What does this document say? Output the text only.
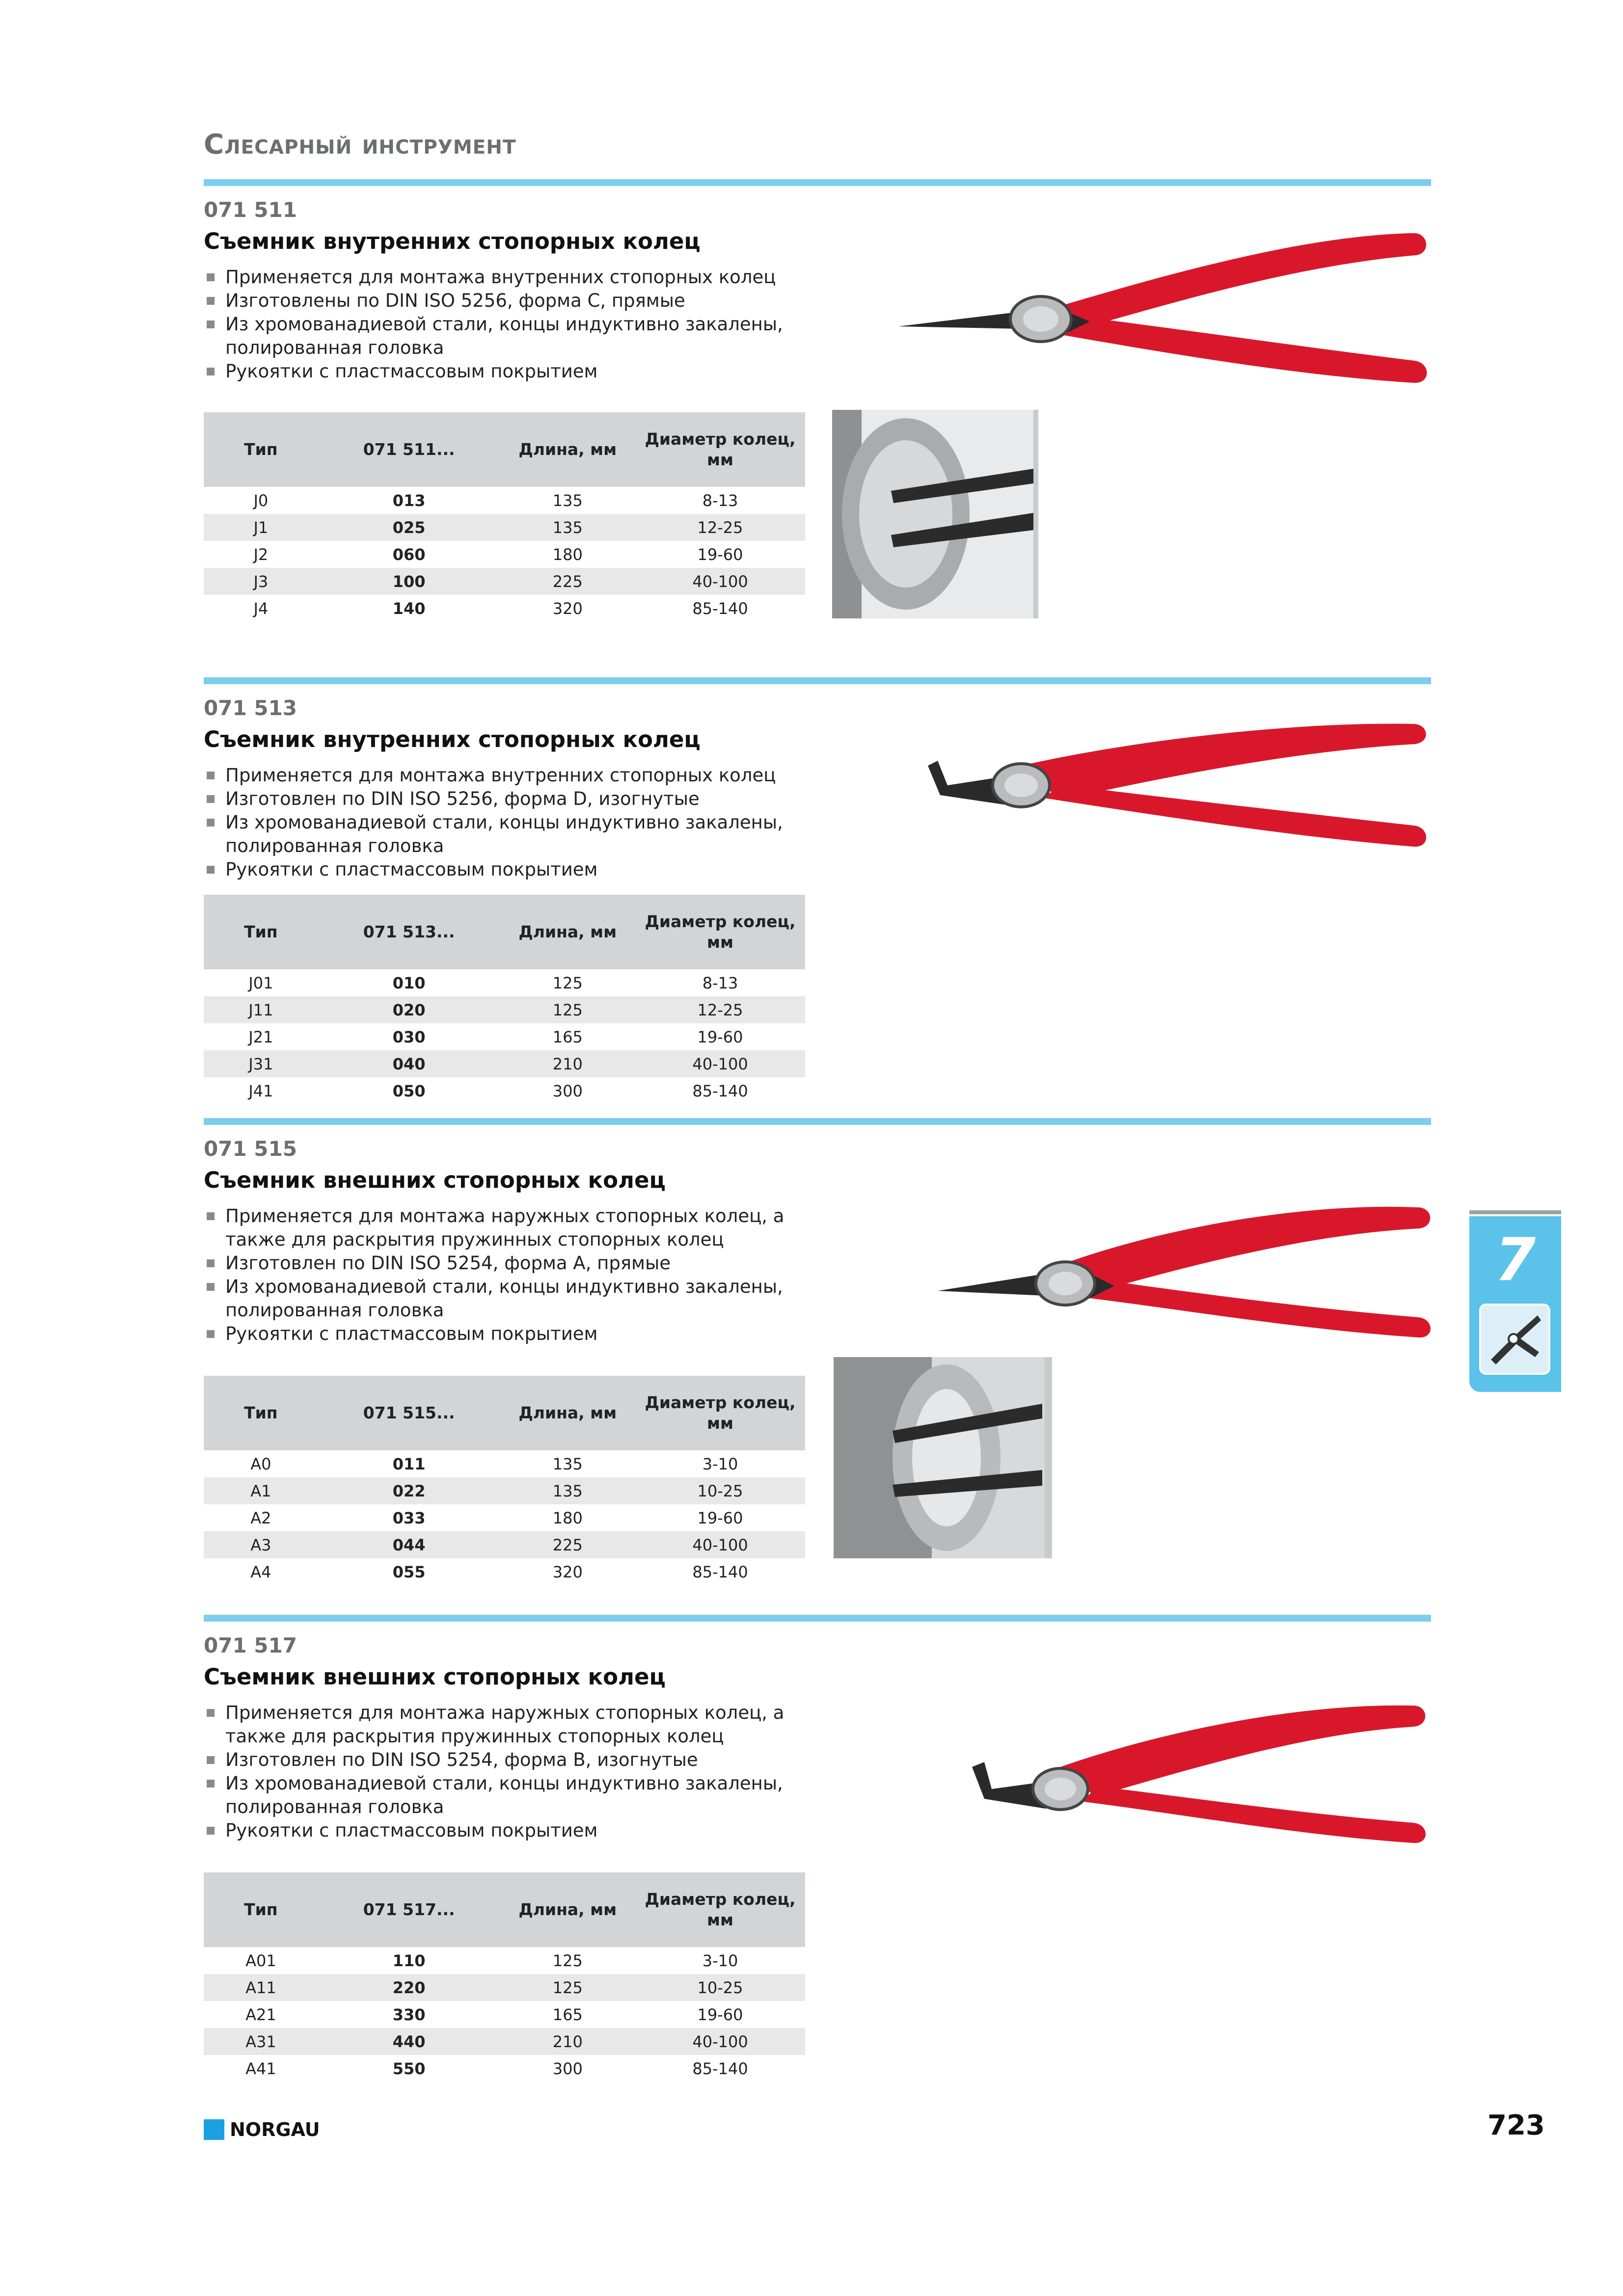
Слесарный инструмент
071 511
Съемник внутренних стопорных колец
Применяется для монтажа внутренних стопорных колец
Изготовлены по DIN ISO 5256, форма C, прямые
Из хромованадиевой стали, концы индуктивно закалены, полированная головка
Рукоятки с пластмассовым покрытием
Тип	071 511...	Длина, мм	Диаметр колец, мм
J0	013	135	8-13
J1	025	135	12-25
J2	060	180	19-60
J3	100	225	40-100
J4	140	320	85-140
071 513
Съемник внутренних стопорных колец
Применяется для монтажа внутренних стопорных колец
Изготовлен по DIN ISO 5256, форма D, изогнутые
Из хромованадиевой стали, концы индуктивно закалены, полированная головка
Рукоятки с пластмассовым покрытием
Тип	071 513...	Длина, мм	Диаметр колец, мм
J01	010	125	8-13
J11	020	125	12-25
J21	030	165	19-60
J31	040	210	40-100
J41	050	300	85-140
071 515
Съемник внешних стопорных колец
Применяется для монтажа наружных стопорных колец, а также для раскрытия пружинных стопорных колец
Изготовлен по DIN ISO 5254, форма A, прямые
Из хромованадиевой стали, концы индуктивно закалены, полированная головка
Рукоятки с пластмассовым покрытием
Тип	071 515...	Длина, мм	Диаметр колец, мм
A0	011	135	3-10
A1	022	135	10-25
A2	033	180	19-60
A3	044	225	40-100
A4	055	320	85-140
071 517
Съемник внешних стопорных колец
Применяется для монтажа наружных стопорных колец, а также для раскрытия пружинных стопорных колец
Изготовлен по DIN ISO 5254, форма B, изогнутые
Из хромованадиевой стали, концы индуктивно закалены, полированная головка
Рукоятки с пластмассовым покрытием
Тип	071 517...	Длина, мм	Диаметр колец, мм
A01	110	125	3-10
A11	220	125	10-25
A21	330	165	19-60
A31	440	210	40-100
A41	550	300	85-140
7
NORGAU	723
